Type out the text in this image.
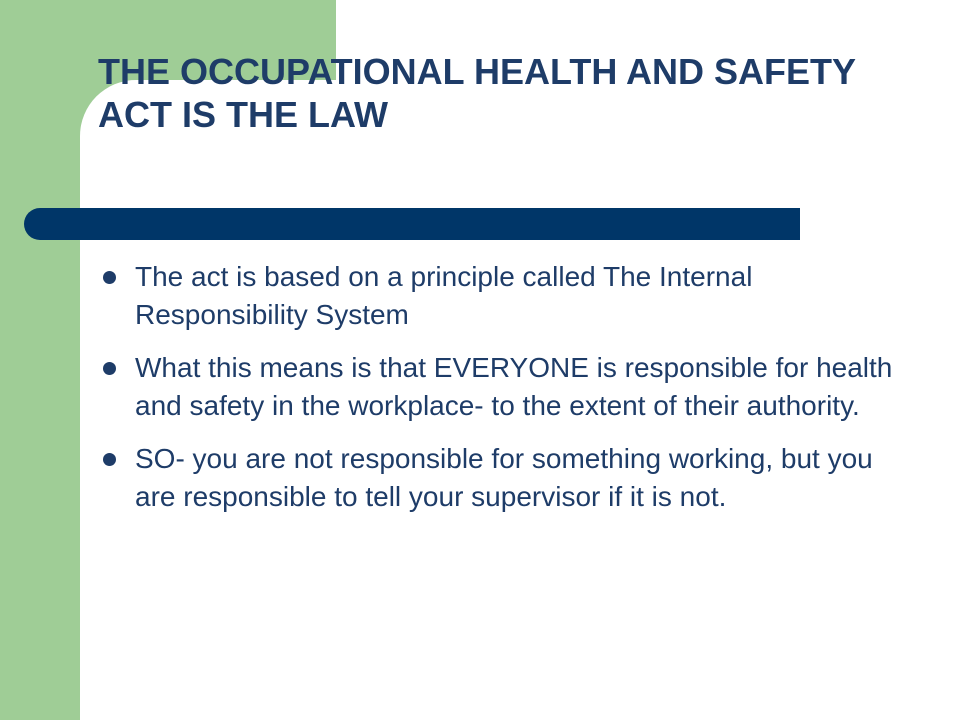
THE OCCUPATIONAL HEALTH AND SAFETY ACT IS THE LAW
The act is based on a principle called The Internal Responsibility System
What this means is that EVERYONE is responsible for health and safety in the workplace- to the extent of their authority.
SO- you are not responsible for something working, but you are responsible to tell your supervisor if it is not.
